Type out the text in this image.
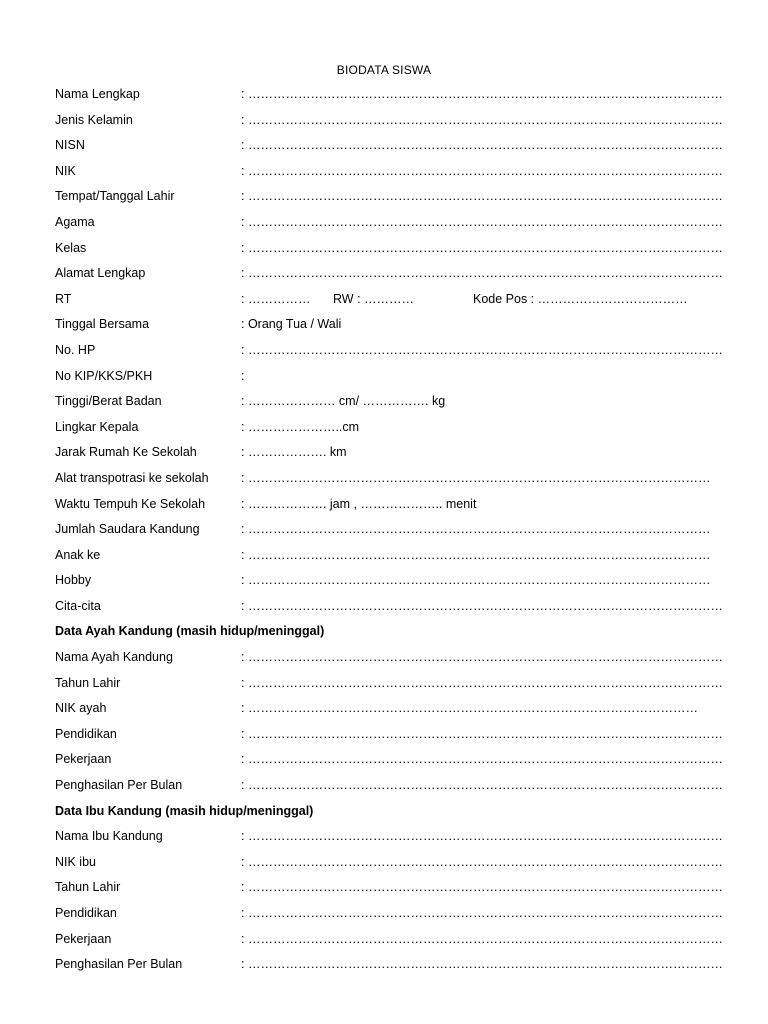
BIODATA SISWA
Nama Lengkap	: ……………………………………………………………………………………………………
Jenis Kelamin	: ……………………………………………………………………………………………………
NISN	: ……………………………………………………………………………………………………
NIK	: ……………………………………………………………………………………………………
Tempat/Tanggal Lahir	: ……………………………………………………………………………………………………
Agama	: ……………………………………………………………………………………………………
Kelas	: ……………………………………………………………………………………………………
Alamat Lengkap	: ……………………………………………………………………………………………………
RT	: …………… RW : …………	Kode Pos : ………………………………
Tinggal Bersama	: Orang Tua / Wali
No. HP	: ……………………………………………………………………………………………………
No KIP/KKS/PKH	:
Tinggi/Berat Badan	: ………………… cm/ ……………. kg
Lingkar Kepala	: …………………..cm
Jarak Rumah Ke Sekolah	: ………………. km
Alat transpotrasi ke sekolah	: …………………………………………………………………………………………………
Waktu Tempuh Ke Sekolah	: ………………. jam , ……………….. menit
Jumlah Saudara Kandung	: …………………………………………………………………………………………………
Anak ke	: …………………………………………………………………………………………………
Hobby	: …………………………………………………………………………………………………
Cita-cita	: ……………………………………………………………………………………………………
Data Ayah Kandung (masih hidup/meninggal)
Nama Ayah Kandung	: ……………………………………………………………………………………………………
Tahun Lahir	: ……………………………………………………………………………………………………
NIK ayah	: ………………………………………………………………………………………………
Pendidikan	: ……………………………………………………………………………………………………
Pekerjaan	: ……………………………………………………………………………………………………
Penghasilan Per Bulan	: ……………………………………………………………………………………………………
Data Ibu Kandung (masih hidup/meninggal)
Nama Ibu Kandung	: ……………………………………………………………………………………………………
NIK ibu	: ……………………………………………………………………………………………………
Tahun Lahir	: ……………………………………………………………………………………………………
Pendidikan	: ……………………………………………………………………………………………………
Pekerjaan	: ……………………………………………………………………………………………………
Penghasilan Per Bulan	: ……………………………………………………………………………………………………
